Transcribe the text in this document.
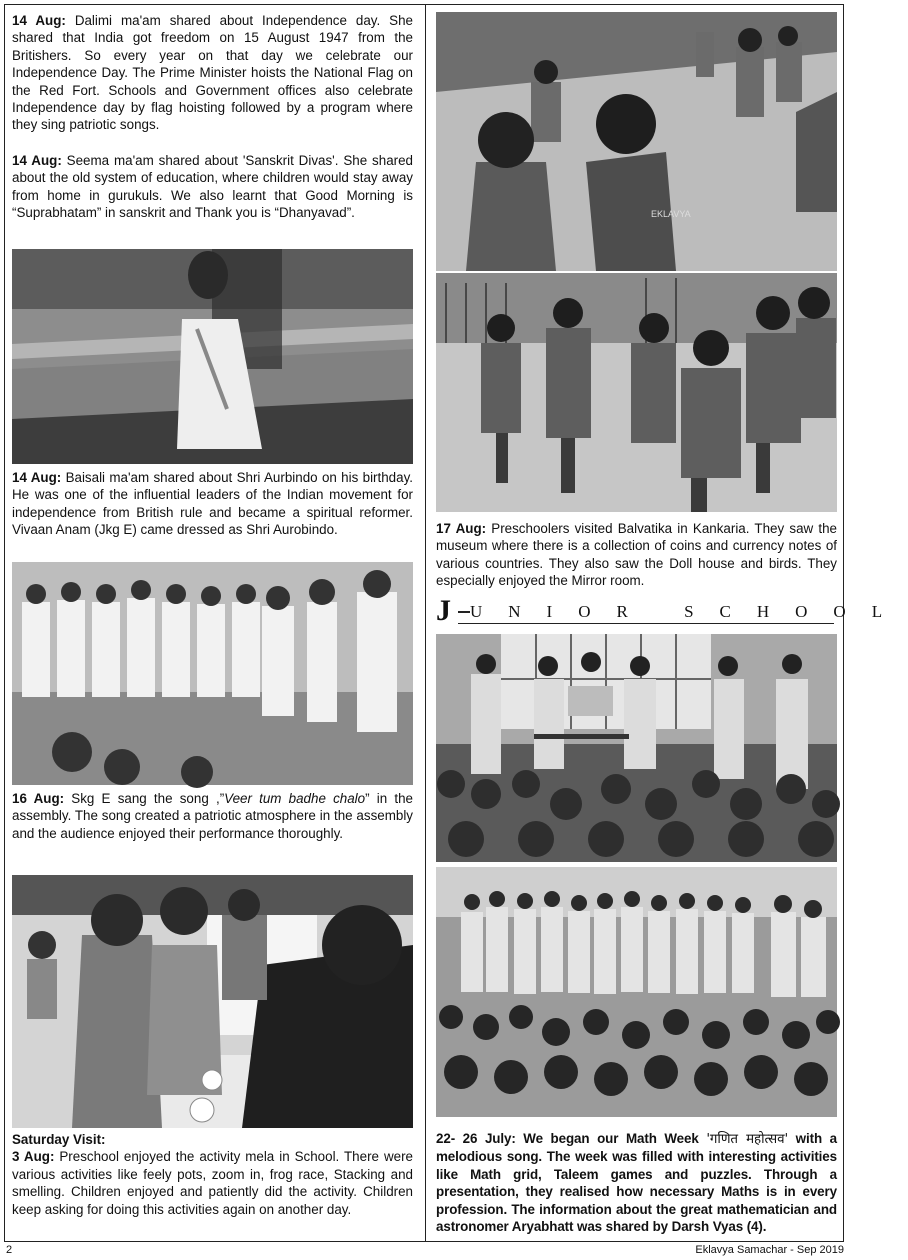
14 Aug: Dalimi ma'am shared about Independence day. She shared that India got freedom on 15 August 1947 from the Britishers. So every year on that day we celebrate our Independence Day. The Prime Minister hoists the National Flag on the Red Fort. Schools and Government offices also celebrate Independence day by flag hoisting followed by a program where they sing patriotic songs.

14 Aug: Seema ma'am shared about 'Sanskrit Divas'. She shared about the old system of education, where children would stay away from home in gurukuls. We also learnt that Good Morning is “Suprabhatam” in sanskrit and Thank you is “Dhanyavad”.

14 Aug: Baisali ma'am shared about Shri Aurbindo on his birthday. He was one of the influential leaders of the Indian movement for independence from British rule and became a spiritual reformer. Vivaan Anam (Jkg E) came dressed as Shri Aurobindo.

16 Aug: Skg E sang the song ,”Veer tum badhe chalo” in the assembly. The song created a patriotic atmosphere in the assembly and the audience enjoyed their performance thoroughly.

Saturday Visit:
3 Aug: Preschool enjoyed the activity mela in School. There were various activities like feely pots, zoom in, frog race, Stacking and smelling. Children enjoyed and patiently did the activity. Children keep asking for doing this activities again on another day.

EKLAVYA

17 Aug: Preschoolers visited Balvatika in Kankaria. They saw the museum where there is a collection of coins and currency notes of various countries. They also saw the Doll house and birds. They especially enjoyed the Mirror room.

J UNIOR SCHOOL

22- 26 July: We began our Math Week 'गणित महोत्सव' with a melodious song. The week was filled with interesting activities like Math grid, Taleem games and puzzles. Through a presentation, they realised how necessary Maths is in every profession. The information about the great mathematician and astronomer Aryabhatt was shared by Darsh Vyas (4).

2	Eklavya Samachar - Sep 2019
